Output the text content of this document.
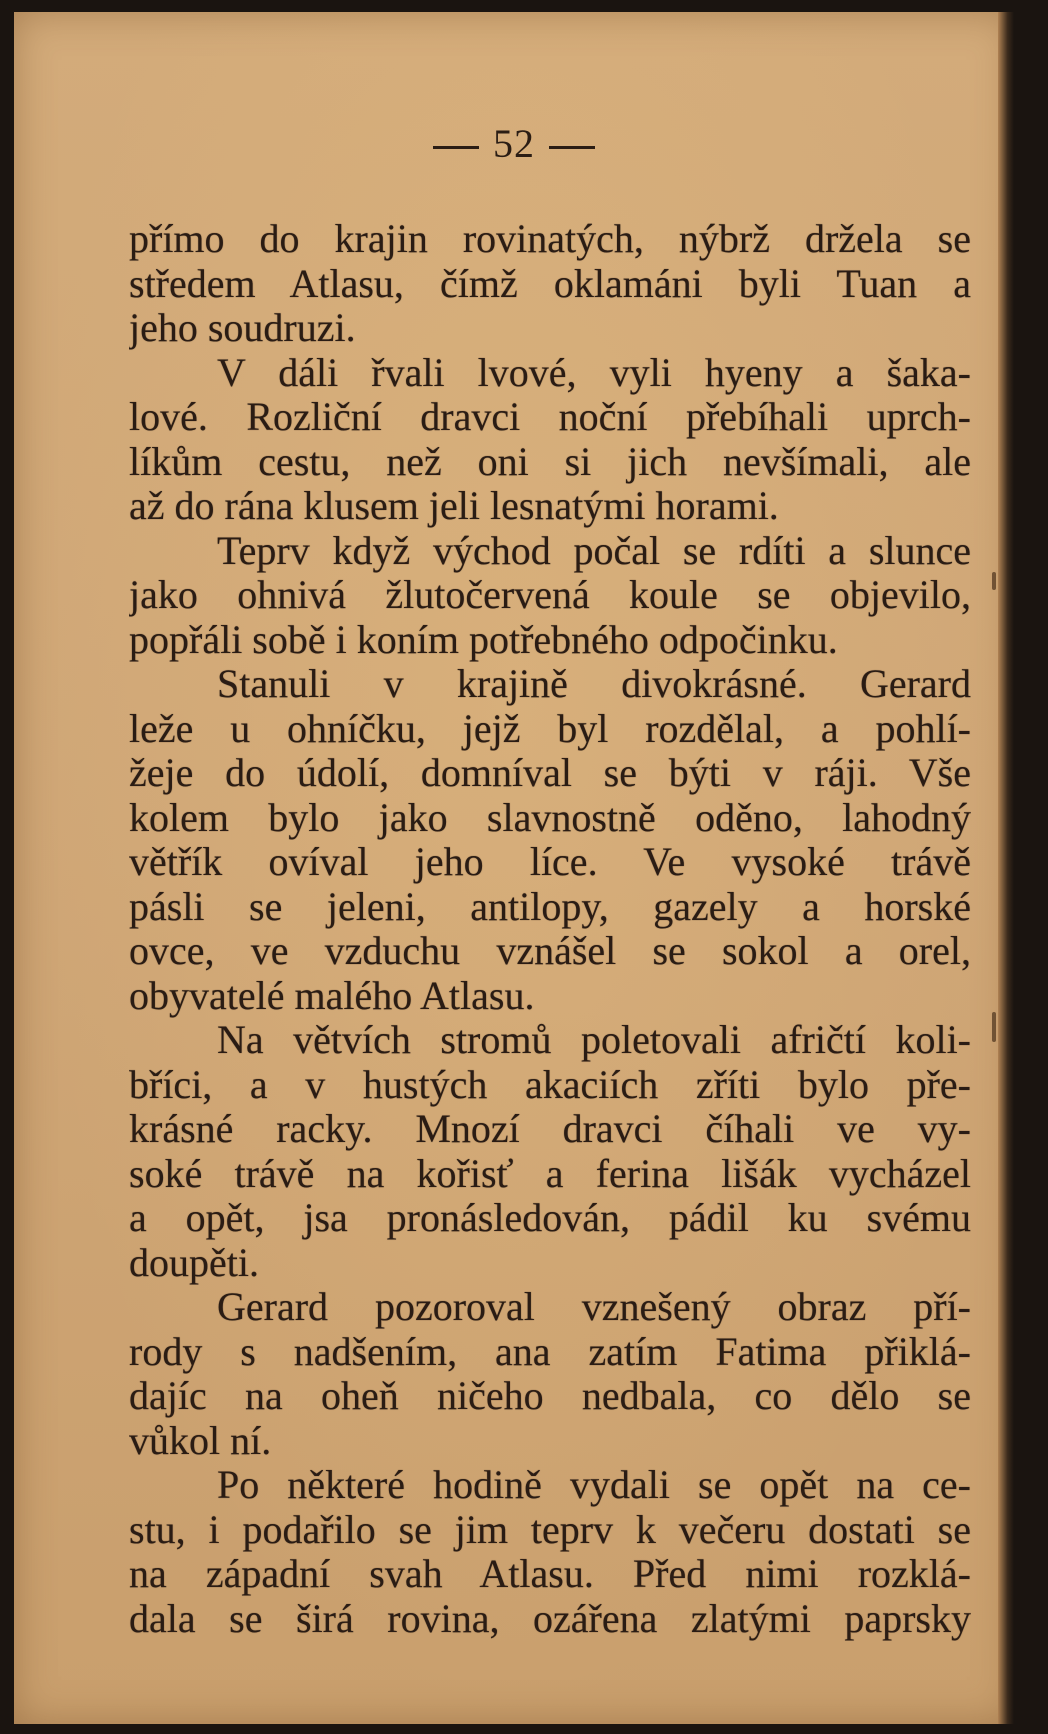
52
přímo do krajin rovinatých, nýbrž držela se
středem Atlasu, čímž oklamáni byli Tuan a
jeho soudruzi.
V dáli řvali lvové, vyli hyeny a šaka-
lové. Rozliční dravci noční přebíhali uprch-
líkům cestu, než oni si jich nevšímali, ale
až do rána klusem jeli lesnatými horami.
Teprv když východ počal se rdíti a slunce
jako ohnivá žlutočervená koule se objevilo,
popřáli sobě i koním potřebného odpočinku.
Stanuli v krajině divokrásné. Gerard
leže u ohníčku, jejž byl rozdělal, a pohlí-
žeje do údolí, domníval se býti v ráji. Vše
kolem bylo jako slavnostně oděno, lahodný
větřík ovíval jeho líce. Ve vysoké trávě
pásli se jeleni, antilopy, gazely a horské
ovce, ve vzduchu vznášel se sokol a orel,
obyvatelé malého Atlasu.
Na větvích stromů poletovali afričtí koli-
bříci, a v hustých akaciích zříti bylo pře-
krásné racky. Mnozí dravci číhali ve vy-
soké trávě na kořisť a ferina lišák vycházel
a opět, jsa pronásledován, pádil ku svému
doupěti.
Gerard pozoroval vznešený obraz pří-
rody s nadšením, ana zatím Fatima přiklá-
dajíc na oheň ničeho nedbala, co dělo se
vůkol ní.
Po některé hodině vydali se opět na ce-
stu, i podařilo se jim teprv k večeru dostati se
na západní svah Atlasu. Před nimi rozklá-
dala se širá rovina, ozářena zlatými paprsky
